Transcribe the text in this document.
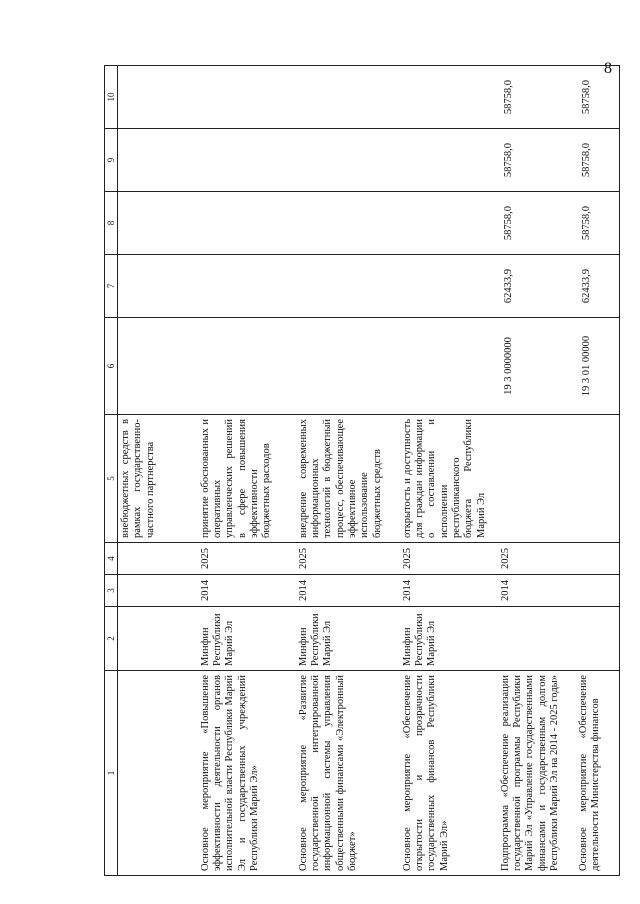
8
1	2	3	4	5	6	7	8	9	10
				внебюджетных средств в рамках государственно-частного партнерства					
Основное мероприятие «Повышение эффективности деятельности органов исполнительной власти Республики Марий Эл и государственных учреждений Республики Марий Эл»	Минфин Республики Марий Эл	2014	2025	принятие обоснованных и оперативных управленческих решений в сфере повышения эффективности бюджетных расходов					
Основное мероприятие «Развитие государственной интегрированной информационной системы управления общественными финансами «Электронный бюджет»	Минфин Республики Марий Эл	2014	2025	внедрение современных информационных технологий в бюджетный процесс, обеспечивающее эффективное использование бюджетных средств					
Основное мероприятие «Обеспечение открытости и прозрачности государственных финансов Республики Марий Эл»	Минфин Республики Марий Эл	2014	2025	открытость и доступность для граждан информации о составлении и исполнении республиканского бюджета Республики Марий Эл					
Подпрограмма «Обеспечение реализации государственной программы Республики Марий Эл «Управление государственными финансами и государственным долгом Республики Марий Эл на 2014 - 2025 годы»		2014	2025		19 3 0000000	62433,9	58758,0	58758,0	58758,0
Основное мероприятие «Обеспечение деятельности Министерства финансов					19 3 01 00000	62433,9	58758,0	58758,0	58758,0
